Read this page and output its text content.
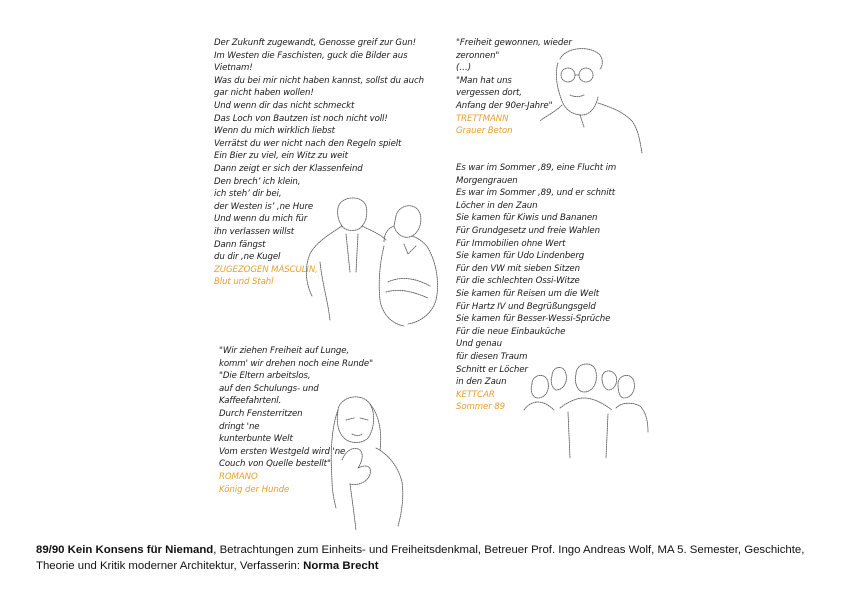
Der Zukunft zugewandt, Genosse greif zur Gun!
Im Westen die Faschisten, guck die Bilder aus
Vietnam!
Was du bei mir nicht haben kannst, sollst du auch
gar nicht haben wollen!
Und wenn dir das nicht schmeckt
Das Loch von Bautzen ist noch nicht voll!
Wenn du mich wirklich liebst
Verrätst du wer nicht nach den Regeln spielt
Ein Bier zu viel, ein Witz zu weit
Dann zeigt er sich der Klassenfeind
Den brech’ ich klein,
ich steh’ dir bei,
der Westen is’ ‚ne Hure
Und wenn du mich für
ihn verlassen willst
Dann fängst
du dir ‚ne Kugel
ZUGEZOGEN MASCULIN,
Blut und Stahl
"Freiheit gewonnen, wieder
zeronnen"
(…)
"Man hat uns
vergessen dort,
Anfang der 90er-Jahre"
TRETTMANN
Grauer Beton
Es war im Sommer ‚89, eine Flucht im
Morgengrauen
Es war im Sommer ‚89, und er schnitt
Löcher in den Zaun
Sie kamen für Kiwis und Bananen
Für Grundgesetz und freie Wahlen
Für Immobilien ohne Wert
Sie kamen für Udo Lindenberg
Für den VW mit sieben Sitzen
Für die schlechten Ossi-Witze
Sie kamen für Reisen um die Welt
Für Hartz IV und Begrüßungsgeld
Sie kamen für Besser-Wessi-Sprüche
Für die neue Einbauküche
Und genau
für diesen Traum
Schnitt er Löcher
in den Zaun
KETTCAR
Sommer 89
"Wir ziehen Freiheit auf Lunge,
komm' wir drehen noch eine Runde"
"Die Eltern arbeitslos,
auf den Schulungs- und
Kaffeefahrtenl.
Durch Fensterritzen
dringt 'ne
kunterbunte Welt
Vom ersten Westgeld wird 'ne
Couch von Quelle bestellt"
ROMANO
König der Hunde
89/90 Kein Konsens für Niemand, Betrachtungen zum Einheits- und Freiheitsdenkmal, Betreuer Prof. Ingo Andreas Wolf, MA 5. Semester, Geschichte, Theorie und Kritik moderner Architektur, Verfasserin: Norma Brecht
